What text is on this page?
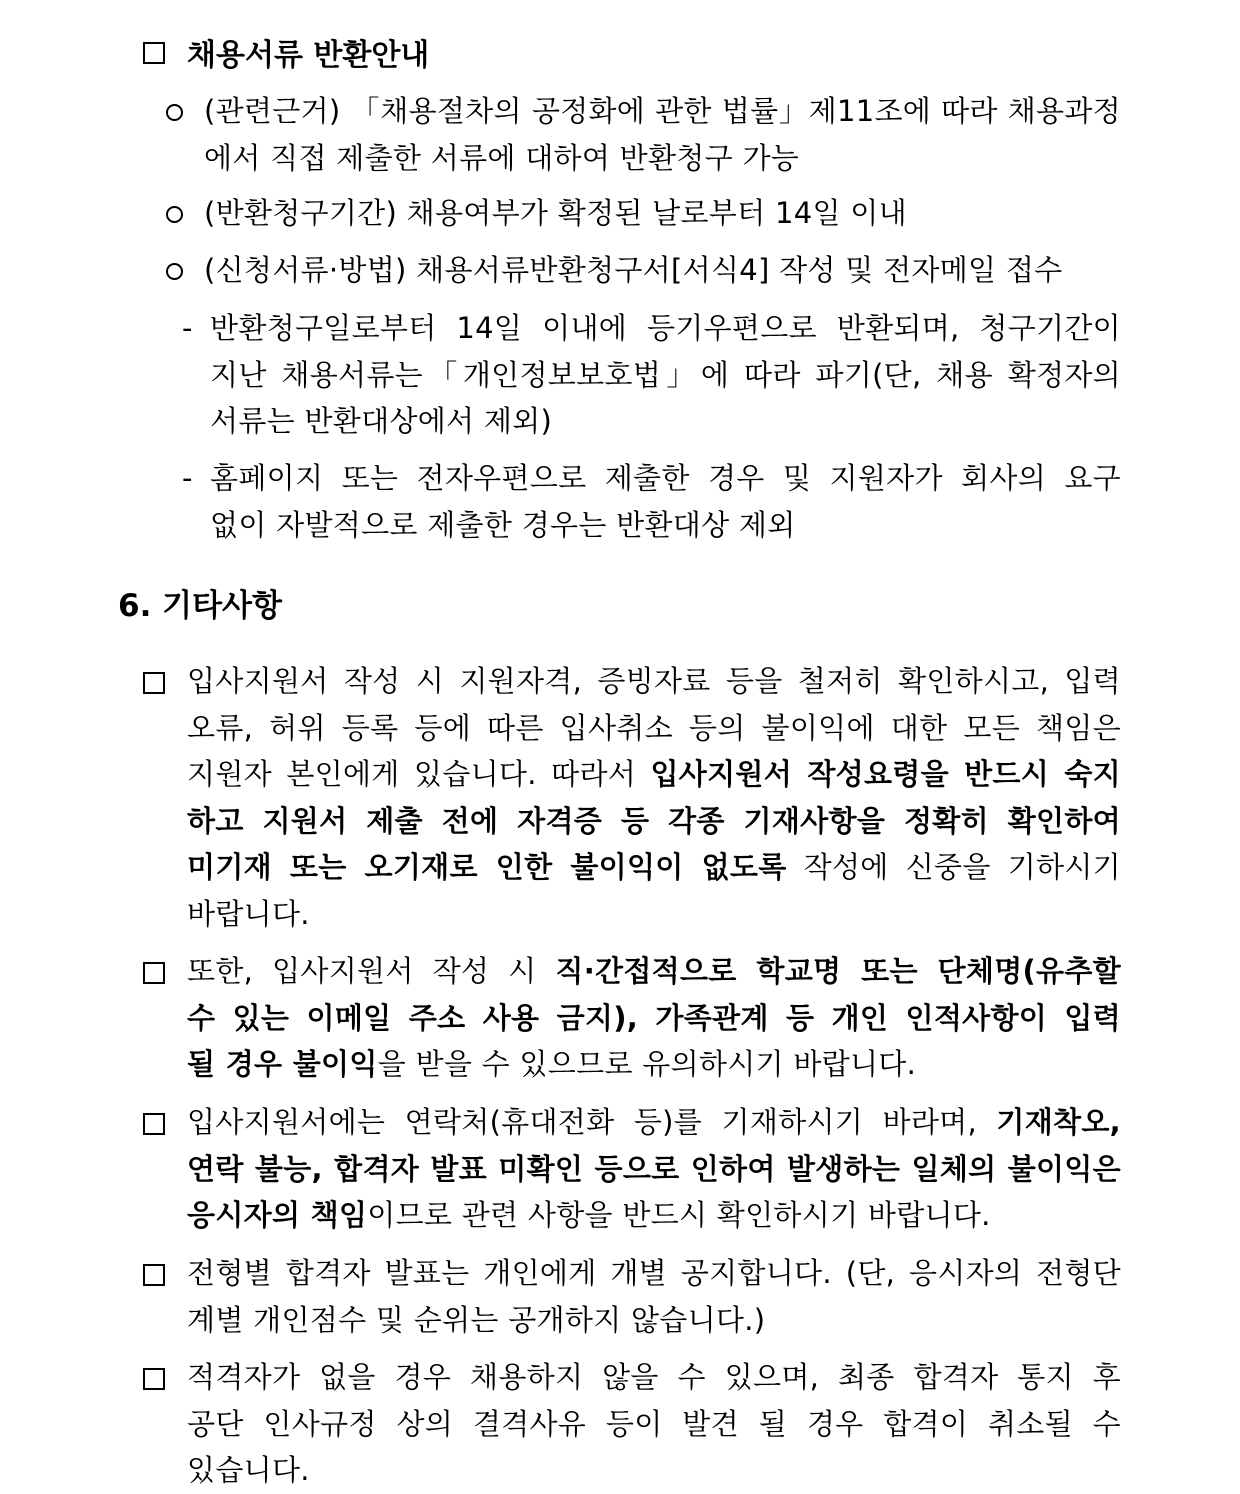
채용서류 반환안내
(관련근거) 「채용절차의 공정화에 관한 법률」제11조에 따라 채용과정
에서 직접 제출한 서류에 대하여 반환청구 가능
(반환청구기간) 채용여부가 확정된 날로부터 14일 이내
(신청서류·방법) 채용서류반환청구서[서식4] 작성 및 전자메일 접수
- 반환청구일로부터 14일 이내에 등기우편으로 반환되며, 청구기간이
지난 채용서류는「개인정보보호법」에 따라 파기(단, 채용 확정자의
서류는 반환대상에서 제외)
- 홈페이지 또는 전자우편으로 제출한 경우 및 지원자가 회사의 요구
없이 자발적으로 제출한 경우는 반환대상 제외
6. 기타사항
입사지원서 작성 시 지원자격, 증빙자료 등을 철저히 확인하시고, 입력
오류, 허위 등록 등에 따른 입사취소 등의 불이익에 대한 모든 책임은
지원자 본인에게 있습니다. 따라서 입사지원서 작성요령을 반드시 숙지
하고 지원서 제출 전에 자격증 등 각종 기재사항을 정확히 확인하여
미기재 또는 오기재로 인한 불이익이 없도록 작성에 신중을 기하시기
바랍니다.
또한, 입사지원서 작성 시 직·간접적으로 학교명 또는 단체명(유추할
수 있는 이메일 주소 사용 금지), 가족관계 등 개인 인적사항이 입력
될 경우 불이익을 받을 수 있으므로 유의하시기 바랍니다.
입사지원서에는 연락처(휴대전화 등)를 기재하시기 바라며, 기재착오,
연락 불능, 합격자 발표 미확인 등으로 인하여 발생하는 일체의 불이익은
응시자의 책임이므로 관련 사항을 반드시 확인하시기 바랍니다.
전형별 합격자 발표는 개인에게 개별 공지합니다. (단, 응시자의 전형단
계별 개인점수 및 순위는 공개하지 않습니다.)
적격자가 없을 경우 채용하지 않을 수 있으며, 최종 합격자 통지 후
공단 인사규정 상의 결격사유 등이 발견 될 경우 합격이 취소될 수
있습니다.
